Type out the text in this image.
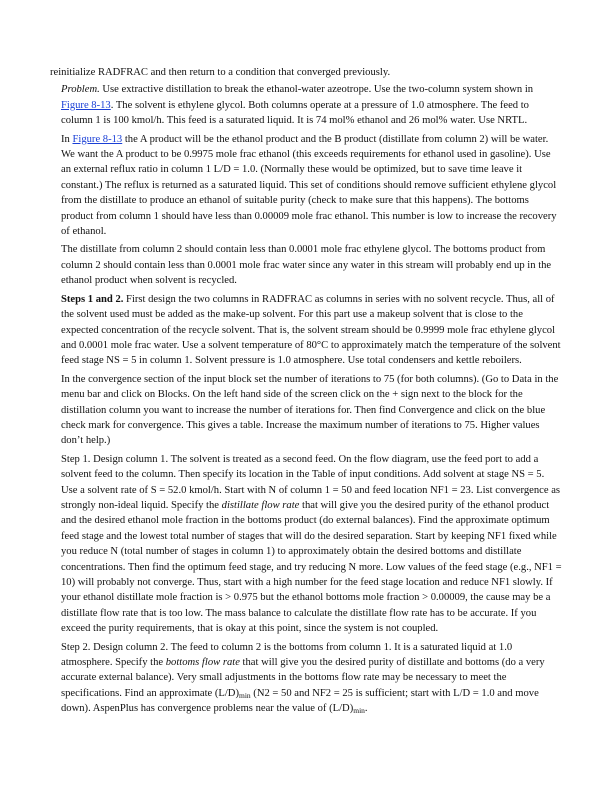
reinitialize RADFRAC and then return to a condition that converged previously.

Problem. Use extractive distillation to break the ethanol-water azeotrope. Use the two-column system shown in Figure 8-13. The solvent is ethylene glycol. Both columns operate at a pressure of 1.0 atmosphere. The feed to column 1 is 100 kmol/h. This feed is a saturated liquid. It is 74 mol% ethanol and 26 mol% water. Use NRTL.

In Figure 8-13 the A product will be the ethanol product and the B product (distillate from column 2) will be water. We want the A product to be 0.9975 mole frac ethanol (this exceeds requirements for ethanol used in gasoline). Use an external reflux ratio in column 1 L/D = 1.0. (Normally these would be optimized, but to save time leave it constant.) The reflux is returned as a saturated liquid. This set of conditions should remove sufficient ethylene glycol from the distillate to produce an ethanol of suitable purity (check to make sure that this happens). The bottoms product from column 1 should have less than 0.00009 mole frac ethanol. This number is low to increase the recovery of ethanol.

The distillate from column 2 should contain less than 0.0001 mole frac ethylene glycol. The bottoms product from column 2 should contain less than 0.0001 mole frac water since any water in this stream will probably end up in the ethanol product when solvent is recycled.

Steps 1 and 2. First design the two columns in RADFRAC as columns in series with no solvent recycle. Thus, all of the solvent used must be added as the make-up solvent. For this part use a makeup solvent that is close to the expected concentration of the recycle solvent. That is, the solvent stream should be 0.9999 mole frac ethylene glycol and 0.0001 mole frac water. Use a solvent temperature of 80°C to approximately match the temperature of the solvent feed stage NS = 5 in column 1. Solvent pressure is 1.0 atmosphere. Use total condensers and kettle reboilers.

In the convergence section of the input block set the number of iterations to 75 (for both columns). (Go to Data in the menu bar and click on Blocks. On the left hand side of the screen click on the + sign next to the block for the distillation column you want to increase the number of iterations for. Then find Convergence and click on the blue check mark for convergence. This gives a table. Increase the maximum number of iterations to 75. Higher values don’t help.)

Step 1. Design column 1. The solvent is treated as a second feed. On the flow diagram, use the feed port to add a solvent feed to the column. Then specify its location in the Table of input conditions. Add solvent at stage NS = 5. Use a solvent rate of S = 52.0 kmol/h. Start with N of column 1 = 50 and feed location NF1 = 23. List convergence as strongly non-ideal liquid. Specify the distillate flow rate that will give you the desired purity of the ethanol product and the desired ethanol mole fraction in the bottoms product (do external balances). Find the approximate optimum feed stage and the lowest total number of stages that will do the desired separation. Start by keeping NF1 fixed while you reduce N (total number of stages in column 1) to approximately obtain the desired bottoms and distillate concentrations. Then find the optimum feed stage, and try reducing N more. Low values of the feed stage (e.g., NF1 = 10) will probably not converge. Thus, start with a high number for the feed stage location and reduce NF1 slowly. If your ethanol distillate mole fraction is > 0.975 but the ethanol bottoms mole fraction > 0.00009, the cause may be a distillate flow rate that is too low. The mass balance to calculate the distillate flow rate has to be accurate. If you exceed the purity requirements, that is okay at this point, since the system is not coupled.

Step 2. Design column 2. The feed to column 2 is the bottoms from column 1. It is a saturated liquid at 1.0 atmosphere. Specify the bottoms flow rate that will give you the desired purity of distillate and bottoms (do a very accurate external balance). Very small adjustments in the bottoms flow rate may be necessary to meet the specifications. Find an approximate $(L/D)_{min}$ (N2 = 50 and NF2 = 25 is sufficient; start with L/D = 1.0 and move down). AspenPlus has convergence problems near the value of $(L/D)_{min}$.
